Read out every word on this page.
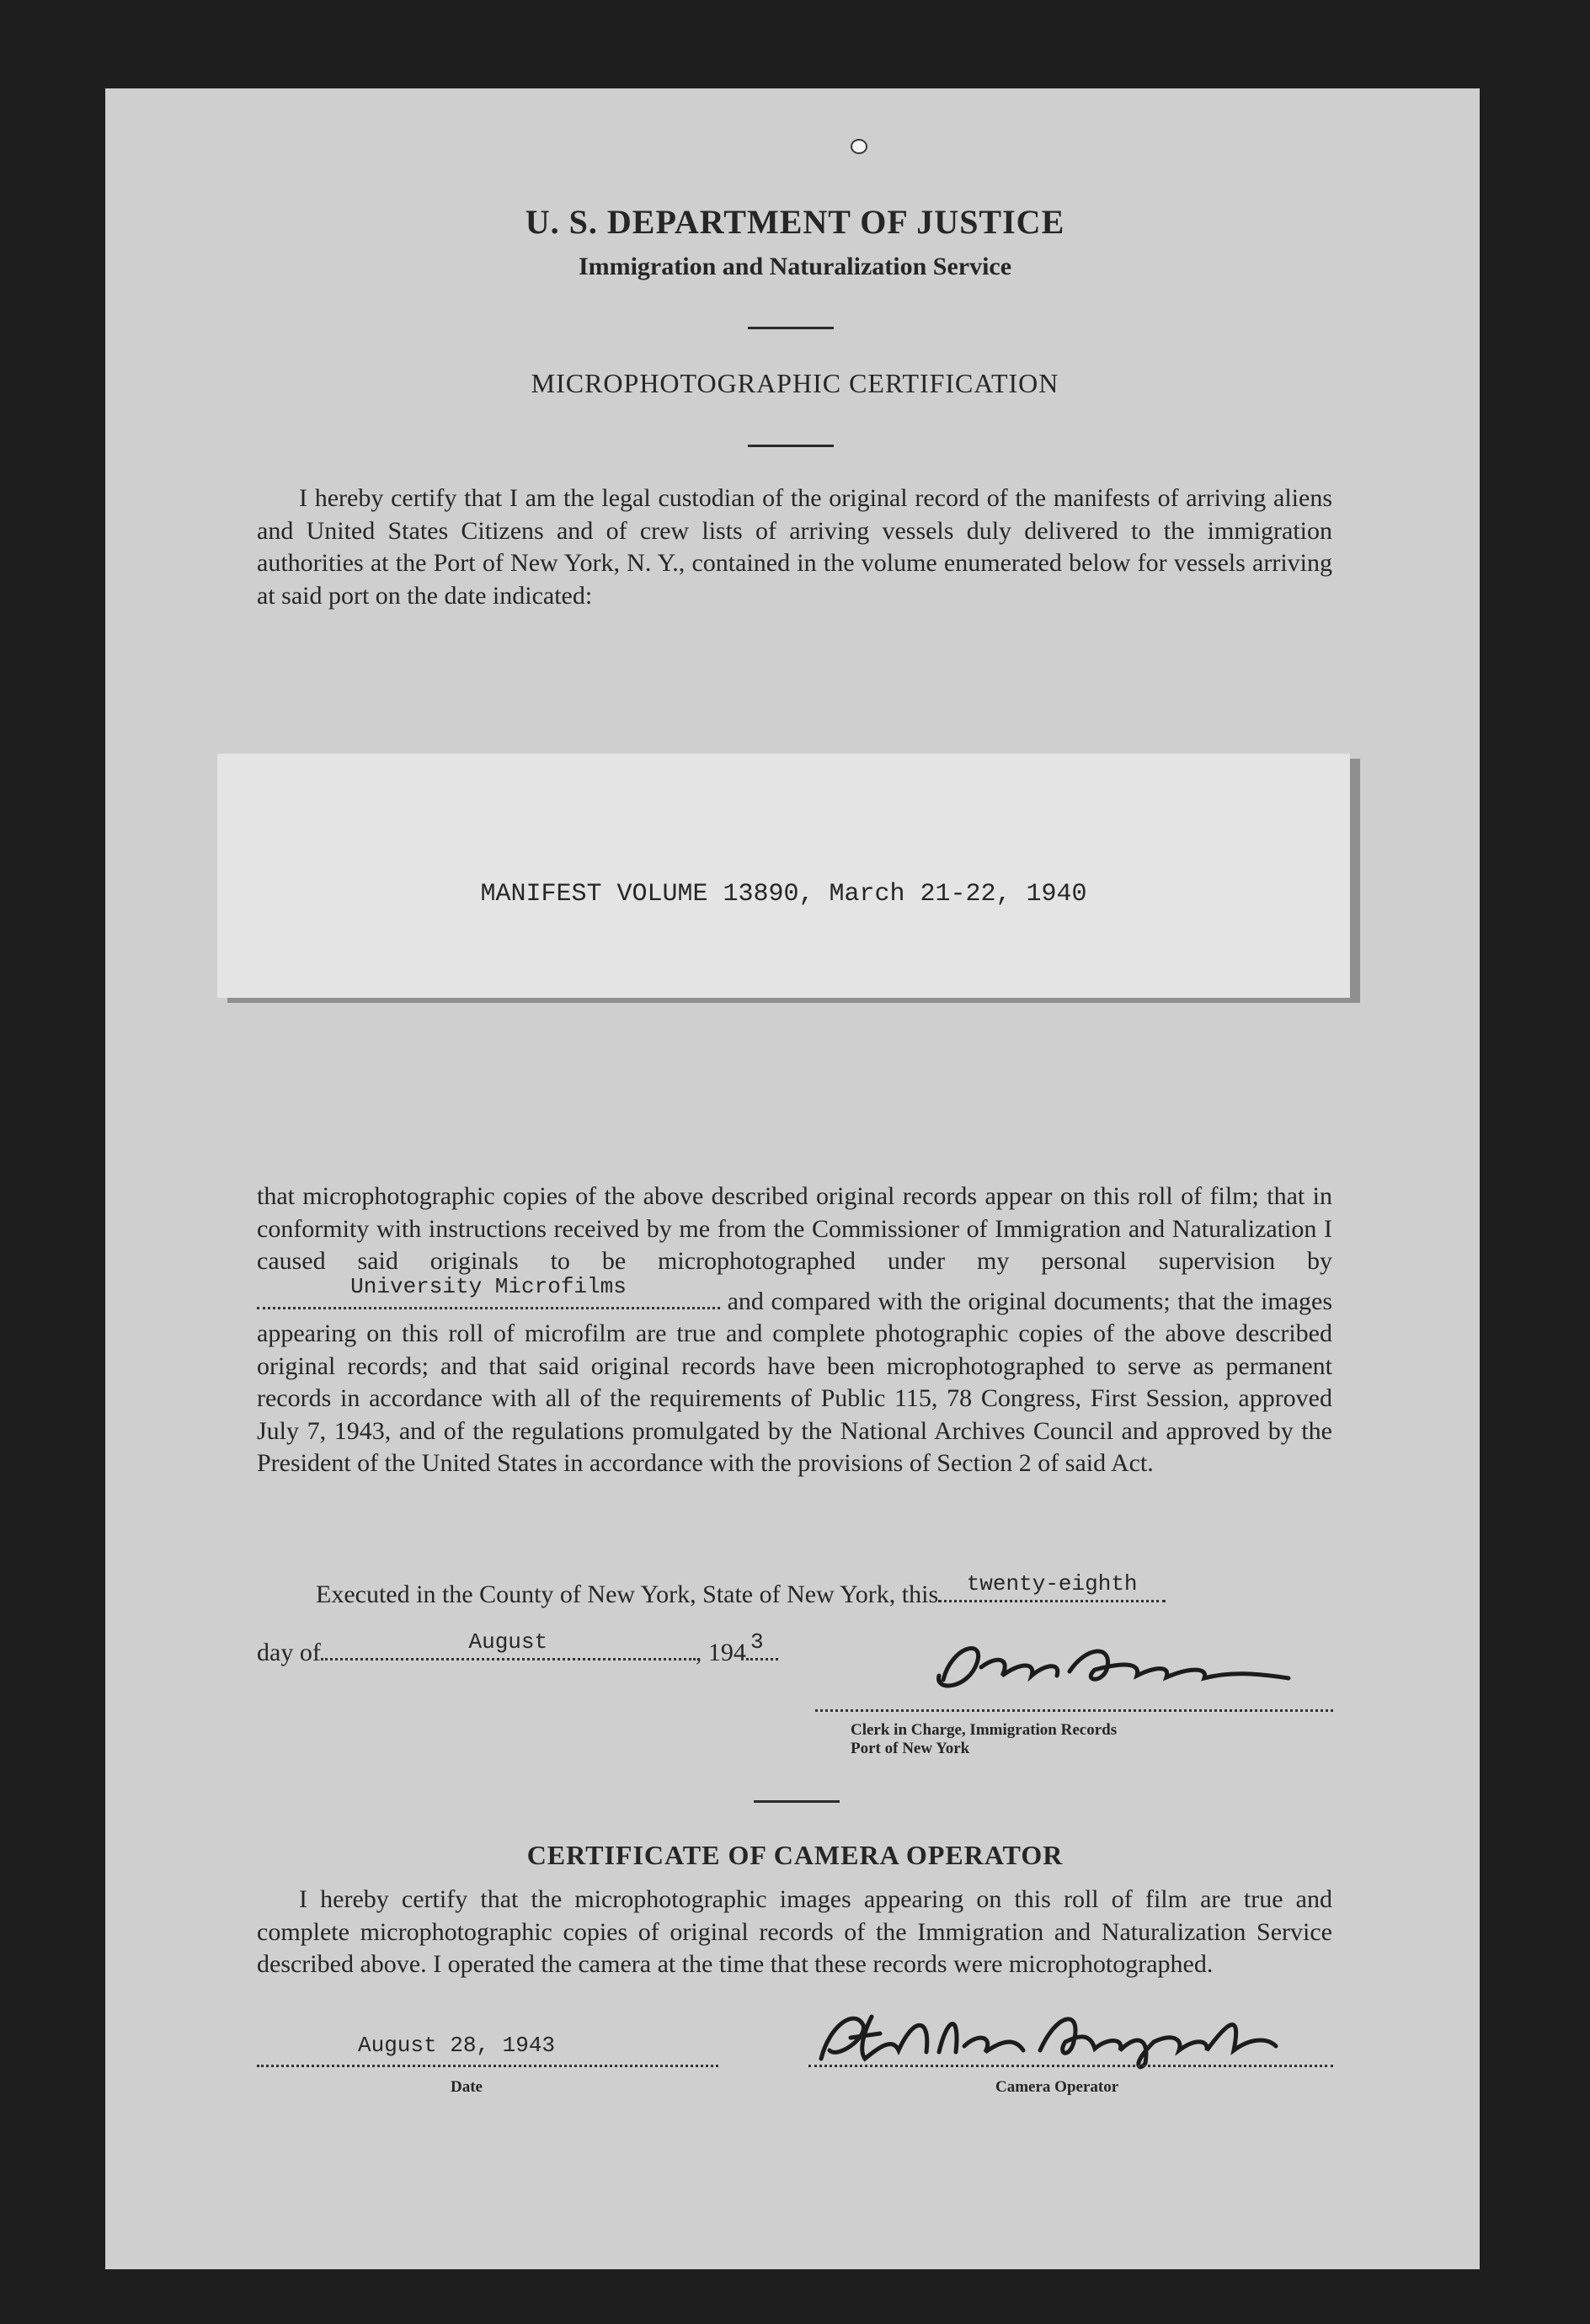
U. S. DEPARTMENT OF JUSTICE
Immigration and Naturalization Service
MICROPHOTOGRAPHIC CERTIFICATION

I hereby certify that I am the legal custodian of the original record of the manifests of arriving aliens and United States Citizens and of crew lists of arriving vessels duly delivered to the immigration authorities at the Port of New York, N. Y., contained in the volume enumerated below for vessels arriving at said port on the date indicated:

MANIFEST VOLUME 13890, March 21-22, 1940

that microphotographic copies of the above described original records appear on this roll of film; that in conformity with instructions received by me from the Commissioner of Immigration and Naturalization I caused said originals to be microphotographed under my personal supervision by
University Microfilms
and compared with the original documents; that the images appearing on this roll of microfilm are true and complete photographic copies of the above described original records; and that said original records have been microphotographed to serve as permanent records in accordance with all of the requirements of Public 115, 78 Congress, First Session, approved July 7, 1943, and of the regulations promulgated by the National Archives Council and approved by the President of the United States in accordance with the provisions of Section 2 of said Act.

Executed in the County of New York, State of New York, this	twenty-eighth
day of	August	, 194 3
Clerk in Charge, Immigration Records
Port of New York
CERTIFICATE OF CAMERA OPERATOR

I hereby certify that the microphotographic images appearing on this roll of film are true and complete microphotographic copies of original records of the Immigration and Naturalization Service described above. I operated the camera at the time that these records were microphotographed.

August 28, 1943
Date	Camera Operator
